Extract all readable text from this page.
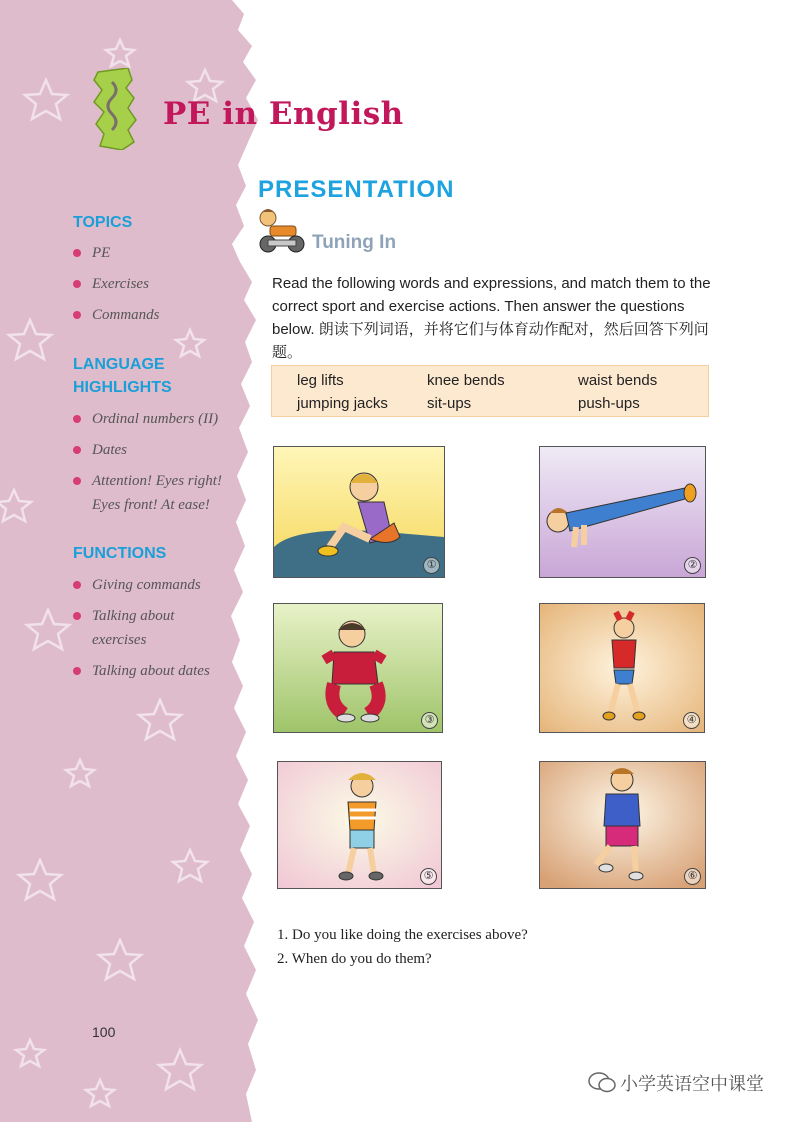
PE in English
TOPICS
PE
Exercises
Commands
LANGUAGE
HIGHLIGHTS
Ordinal numbers (II)
Dates
Attention! Eyes right! Eyes front! At ease!
FUNCTIONS
Giving commands
Talking about exercises
Talking about dates
100
PRESENTATION
Tuning In
Read the following words and expressions, and match them to the correct sport and exercise actions. Then answer the questions below. 朗读下列词语，并将它们与体育动作配对，然后回答下列问题。
leg lifts	knee bends	waist bends
jumping jacks	sit-ups	push-ups
①	②
③	④
⑤	⑥
1. Do you like doing the exercises above?
2. When do you do them?
小学英语空中课堂
